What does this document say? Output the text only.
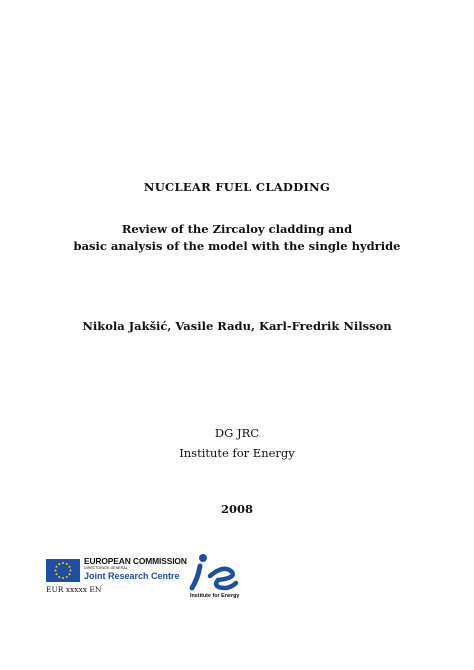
NUCLEAR FUEL CLADDING
Review of the Zircaloy cladding and
basic analysis of the model with the single hydride
Nikola Jakšić, Vasile Radu, Karl-Fredrik Nilsson
DG JRC
Institute for Energy
2008
EUROPEAN COMMISSION
DIRECTORATE-GENERAL
Joint Research Centre
EUR xxxxx EN
Institute for Energy
